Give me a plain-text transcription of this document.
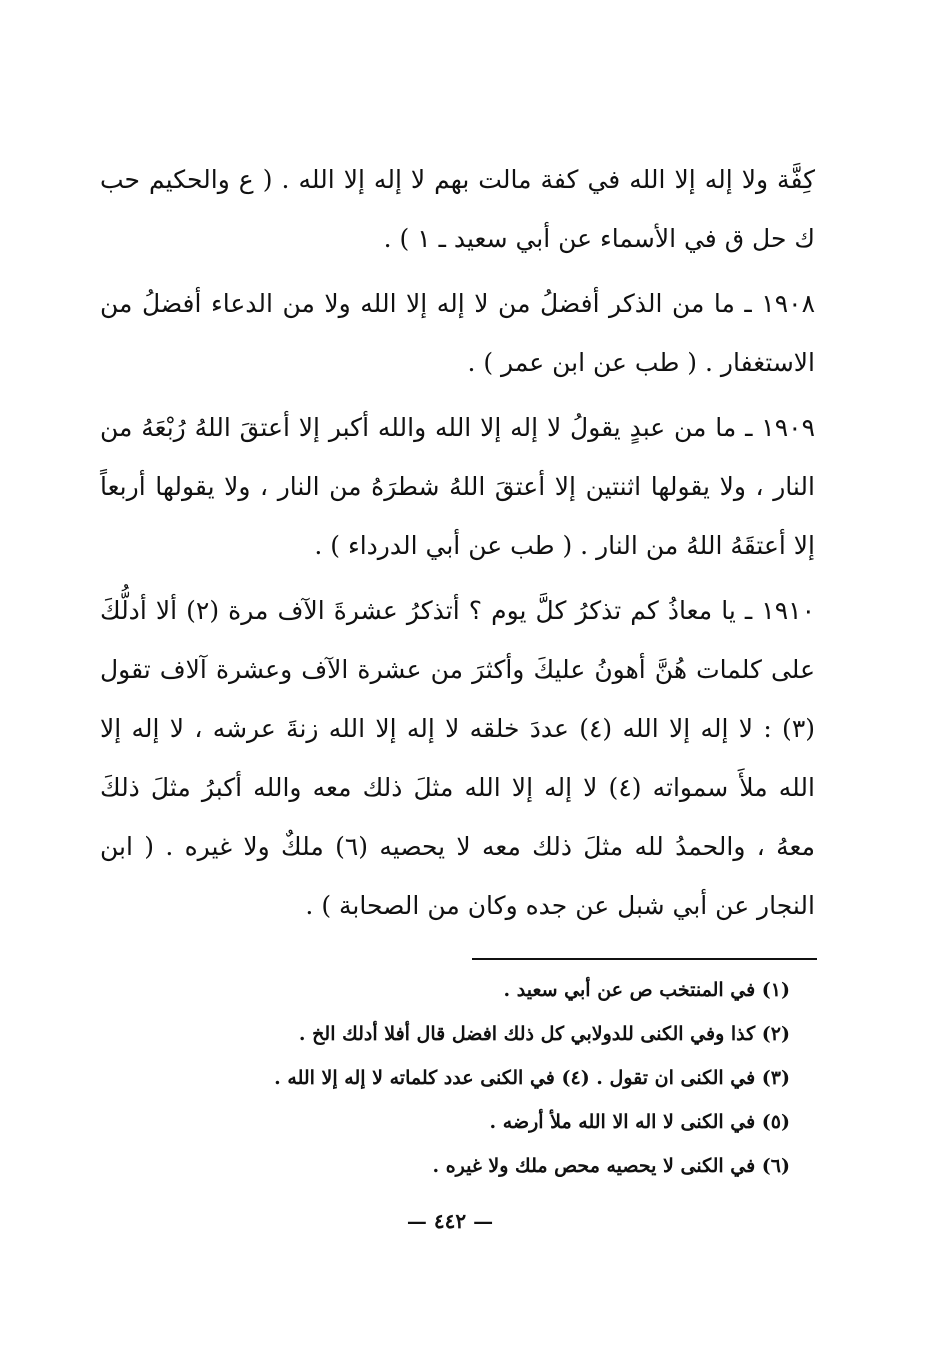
كِفَّة ولا إله إلا الله في كفة مالت بهم لا إله إلا الله . ( ع والحكيم حب ك حل ق في الأسماء عن أبي سعيد ـ ١ ) .

١٩٠٨ ـ ما من الذكر أفضلُ من لا إله إلا الله ولا من الدعاء أفضلُ من الاستغفار . ( طب عن ابن عمر ) .

١٩٠٩ ـ ما من عبدٍ يقولُ لا إله إلا الله والله أكبر إلا أعتقَ اللهُ رُبْعَهُ من النار ، ولا يقولها اثنتين إلا أعتقَ اللهُ شطرَهُ من النار ، ولا يقولها أربعاً إلا أعتقَهُ اللهُ من النار . ( طب عن أبي الدرداء ) .

١٩١٠ ـ يا معاذُ كم تذكرُ كلَّ يوم ؟ أتذكرُ عشرةَ الآف مرة (٢) ألا أدلُّكَ على كلمات هُنَّ أهونُ عليكَ وأكثرَ من عشرة الآف وعشرة آلاف تقول (٣) : لا إله إلا الله (٤) عددَ خلقه لا إله إلا الله زنةَ عرشه ، لا إله إلا الله ملأَ سمواته (٤) لا إله إلا الله مثلَ ذلك معه والله أكبرُ مثلَ ذلكَ معهُ ، والحمدُ لله مثلَ ذلك معه لا يحصيه (٦) ملكٌ ولا غيره . ( ابن النجار عن أبي شبل عن جده وكان من الصحابة ) .

(١) في المنتخب ص عن أبي سعيد .
(٢) كذا وفي الكنى للدولابي كل ذلك افضل قال أفلا أدلك الخ .
(٣) في الكنى ان تقول . (٤) في الكنى عدد كلماته لا إله إلا الله .
(٥) في الكنى لا اله الا الله ملأ أرضه .
(٦) في الكنى لا يحصيه محص ملك ولا غيره .
— ٤٤٢ —
